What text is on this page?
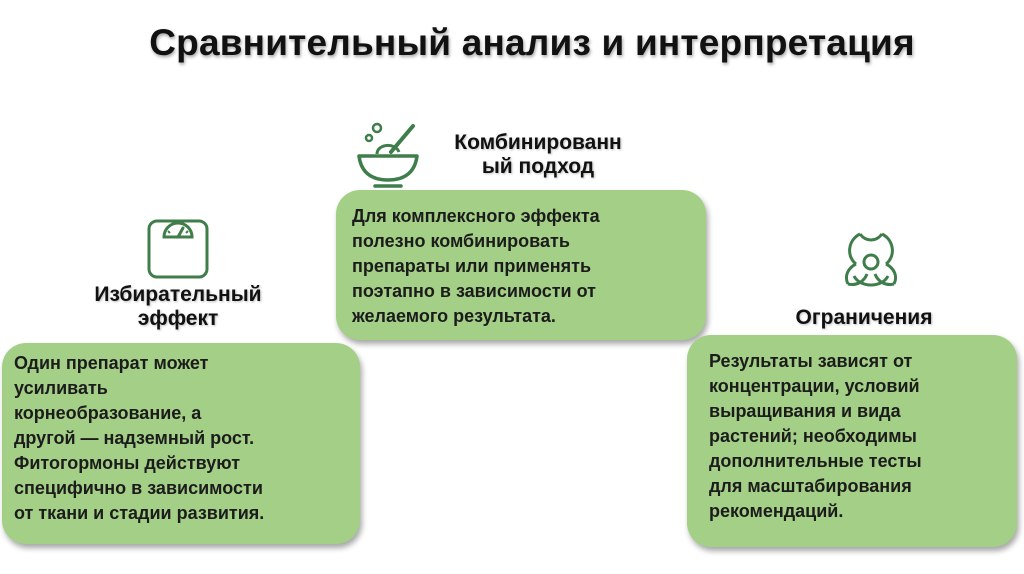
Сравнительный анализ и интерпретация
Избирательный
эффект

Один препарат может
усиливать
корнеобразование, а
другой — надземный рост.
Фитогормоны действуют
специфично в зависимости
от ткани и стадии развития.

Комбинированн
ый подход

Для комплексного эффекта
полезно комбинировать
препараты или применять
поэтапно в зависимости от
желаемого результата.	Ограничения

Результаты зависят от
концентрации, условий
выращивания и вида
растений; необходимы
дополнительные тесты
для масштабирования
рекомендаций.
